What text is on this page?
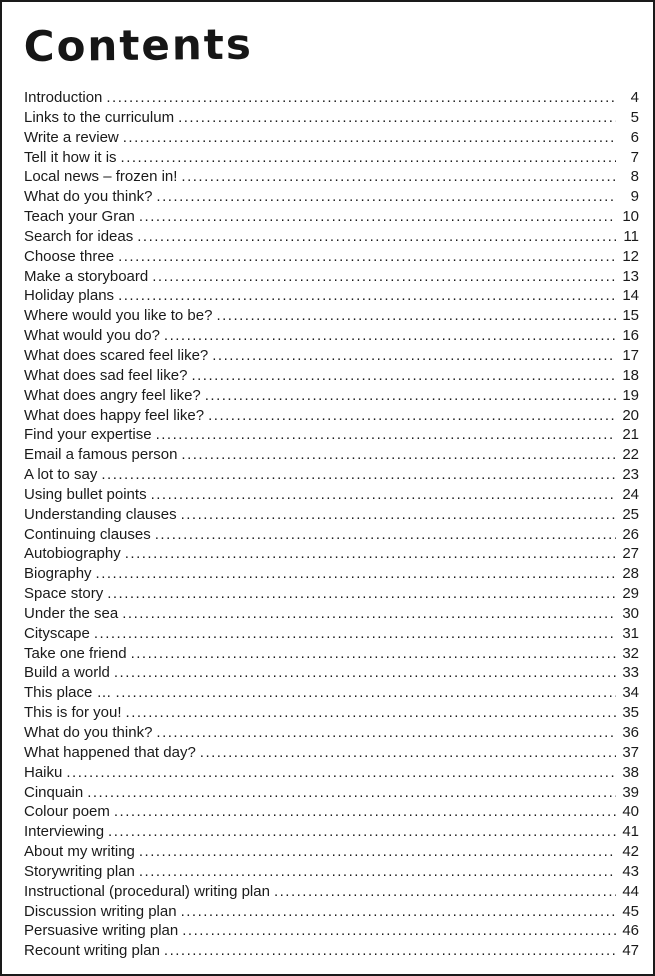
Contents
Introduction .....	4
Links to the curriculum .....	5
Write a review .....	6
Tell it how it is .....	7
Local news – frozen in! .....	8
What do you think? .....	9
Teach your Gran .....	10
Search for ideas .....	11
Choose three .....	12
Make a storyboard .....	13
Holiday plans .....	14
Where would you like to be? .....	15
What would you do? .....	16
What does scared feel like? .....	17
What does sad feel like? .....	18
What does angry feel like? .....	19
What does happy feel like? .....	20
Find your expertise .....	21
Email a famous person .....	22
A lot to say .....	23
Using bullet points .....	24
Understanding clauses .....	25
Continuing clauses .....	26
Autobiography .....	27
Biography .....	28
Space story .....	29
Under the sea .....	30
Cityscape .....	31
Take one friend .....	32
Build a world .....	33
This place … .....	34
This is for you! .....	35
What do you think? .....	36
What happened that day? .....	37
Haiku .....	38
Cinquain .....	39
Colour poem .....	40
Interviewing .....	41
About my writing .....	42
Storywriting plan .....	43
Instructional (procedural) writing plan .....	44
Discussion writing plan .....	45
Persuasive writing plan .....	46
Recount writing plan .....	47
